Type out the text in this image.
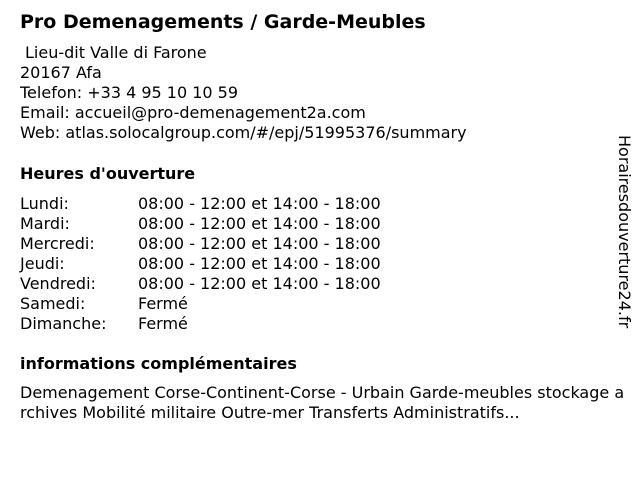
Pro Demenagements / Garde-Meubles
Lieu-dit Valle di Farone
20167 Afa
Telefon: +33 4 95 10 10 59
Email: accueil@pro-demenagement2a.com
Web: atlas.solocalgroup.com/#/epj/51995376/summary
Heures d'ouverture
Lundi:	08:00 - 12:00 et 14:00 - 18:00
Mardi:	08:00 - 12:00 et 14:00 - 18:00
Mercredi:	08:00 - 12:00 et 14:00 - 18:00
Jeudi:	08:00 - 12:00 et 14:00 - 18:00
Vendredi:	08:00 - 12:00 et 14:00 - 18:00
Samedi:	Fermé
Dimanche: Fermé
informations complémentaires
Demenagement Corse-Continent-Corse - Urbain Garde-meubles stockage archives Mobilité militaire Outre-mer Transferts Administratifs...
Horairesdouverture24.fr
